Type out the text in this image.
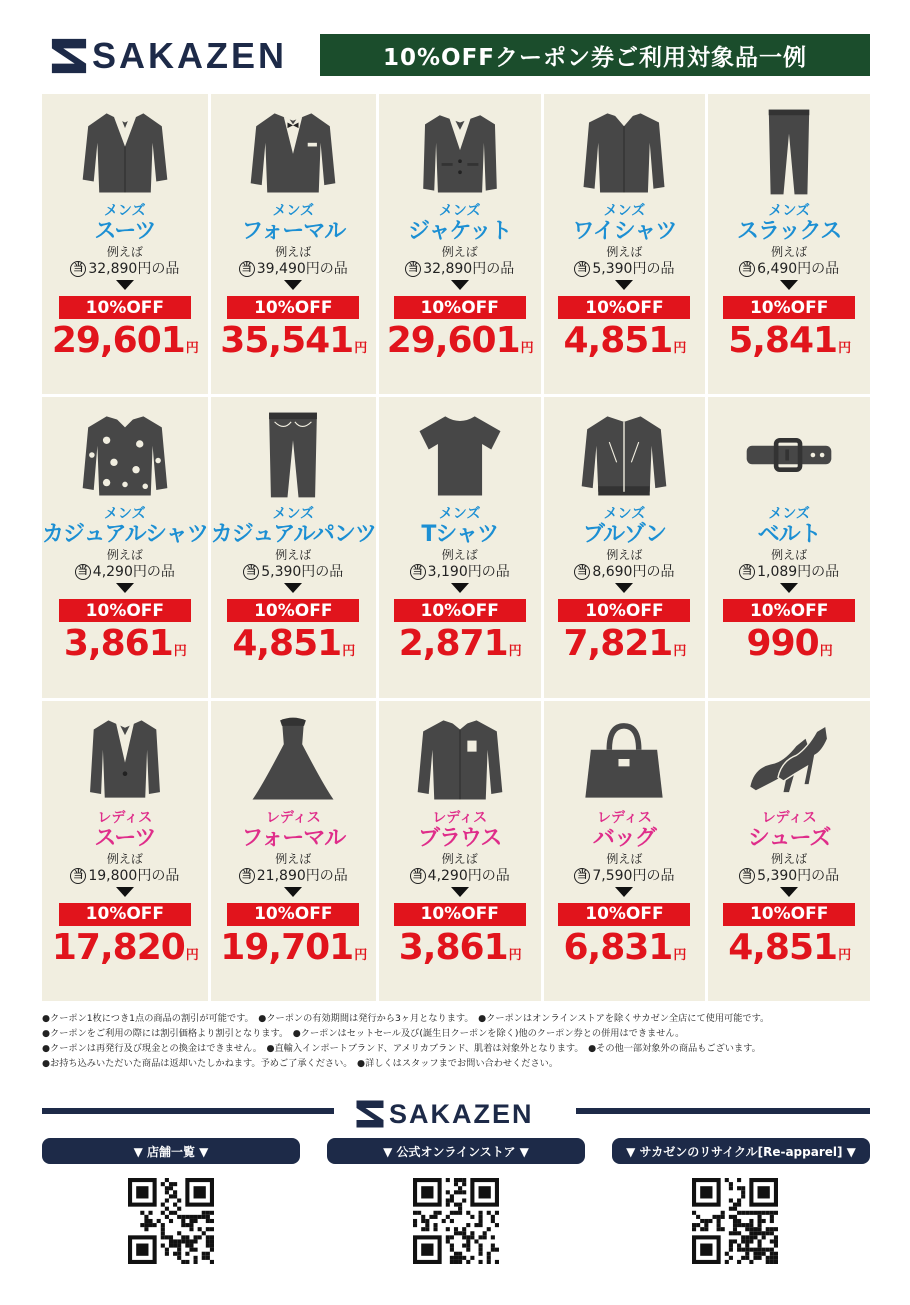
SAKAZEN	10%OFFクーポン券ご利用対象品一例
メンズ
スーツ
例えば
当 32,890円の品
10%OFF
29,601円
メンズ
フォーマル
例えば
当 39,490円の品
10%OFF
35,541円
メンズ
ジャケット
例えば
当 32,890円の品
10%OFF
29,601円
メンズ
ワイシャツ
例えば
当 5,390円の品
10%OFF
4,851円
メンズ
スラックス
例えば
当 6,490円の品
10%OFF
5,841円
メンズ
カジュアルシャツ
例えば
当 4,290円の品
10%OFF
3,861円
メンズ
カジュアルパンツ
例えば
当 5,390円の品
10%OFF
4,851円
メンズ
Tシャツ
例えば
当 3,190円の品
10%OFF
2,871円
メンズ
ブルゾン
例えば
当 8,690円の品
10%OFF
7,821円
メンズ
ベルト
例えば
当 1,089円の品
10%OFF
990円
レディス
スーツ
例えば
当 19,800円の品
10%OFF
17,820円
レディス
フォーマル
例えば
当 21,890円の品
10%OFF
19,701円
レディス
ブラウス
例えば
当 4,290円の品
10%OFF
3,861円
レディス
バッグ
例えば
当 7,590円の品
10%OFF
6,831円
レディス
シューズ
例えば
当 5,390円の品
10%OFF
4,851円

●クーポン1枚につき1点の商品の割引が可能です。　●クーポンの有効期間は発行から3ヶ月となります。　●クーポンはオンラインストアを除くサカゼン全店にて使用可能です。

●クーポンをご利用の際には割引価格より割引となります。　●クーポンはセットセール及び(誕生日クーポンを除く)他のクーポン券との併用はできません。

●クーポンは再発行及び現金との換金はできません。　●直輸入インポートブランド、アメリカブランド、肌着は対象外となります。　●その他一部対象外の商品もございます。

●お持ち込みいただいた商品は返却いたしかねます。予めご了承ください。　●詳しくはスタッフまでお問い合わせください。

SAKAZEN
▼ 店舗一覧 ▼	▼ 公式オンラインストア ▼	▼ サカゼンのリサイクル[Re-apparel] ▼
